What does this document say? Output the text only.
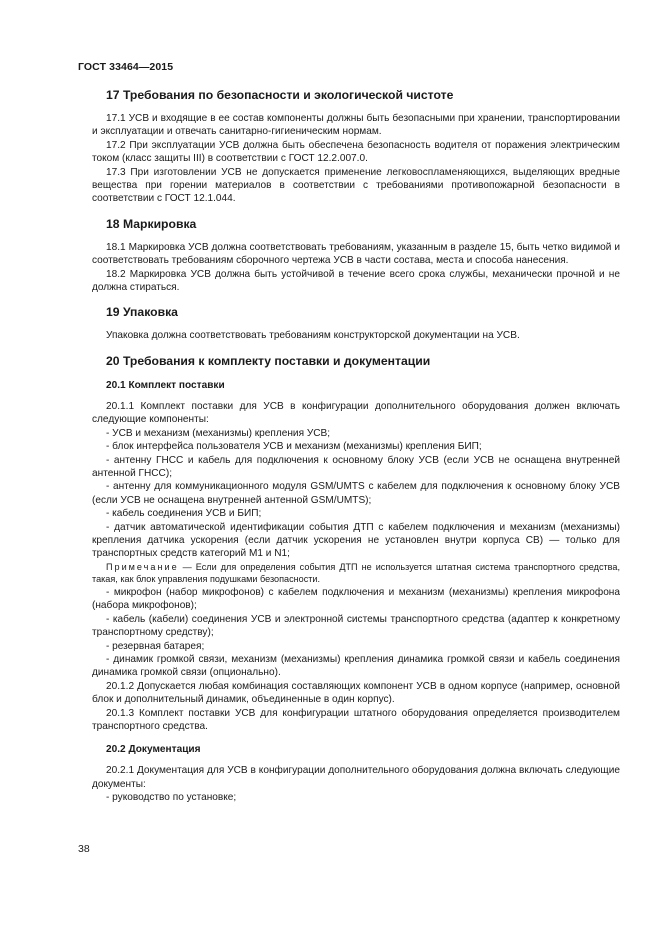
ГОСТ 33464—2015
17 Требования по безопасности и экологической чистоте

17.1 УСВ и входящие в ее состав компоненты должны быть безопасными при хранении, транспортировании и эксплуатации и отвечать санитарно-гигиеническим нормам.

17.2 При эксплуатации УСВ должна быть обеспечена безопасность водителя от поражения электрическим током (класс защиты III) в соответствии с ГОСТ 12.2.007.0.

17.3 При изготовлении УСВ не допускается применение легковоспламеняющихся, выделяющих вредные вещества при горении материалов в соответствии с требованиями противопожарной безопасности в соответствии с ГОСТ 12.1.044.

18 Маркировка

18.1 Маркировка УСВ должна соответствовать требованиям, указанным в разделе 15, быть четко видимой и соответствовать требованиям сборочного чертежа УСВ в части состава, места и способа нанесения.

18.2 Маркировка УСВ должна быть устойчивой в течение всего срока службы, механически прочной и не должна стираться.

19 Упаковка

Упаковка должна соответствовать требованиям конструкторской документации на УСВ.

20 Требования к комплекту поставки и документации
20.1 Комплект поставки

20.1.1 Комплект поставки для УСВ в конфигурации дополнительного оборудования должен включать следующие компоненты:

- УСВ и механизм (механизмы) крепления УСВ;

- блок интерфейса пользователя УСВ и механизм (механизмы) крепления БИП;

- антенну ГНСС и кабель для подключения к основному блоку УСВ (если УСВ не оснащена внутренней антенной ГНСС);

- антенну для коммуникационного модуля GSM/UMTS с кабелем для подключения к основному блоку УСВ (если УСВ не оснащена внутренней антенной GSM/UMTS);

- кабель соединения УСВ и БИП;

- датчик автоматической идентификации события ДТП с кабелем подключения и механизм (механизмы) крепления датчика ускорения (если датчик ускорения не установлен внутри корпуса СВ) — только для транспортных средств категорий М1 и N1;

Примечание — Если для определения события ДТП не используется штатная система транспортного средства, такая, как блок управления подушками безопасности.

- микрофон (набор микрофонов) с кабелем подключения и механизм (механизмы) крепления микрофона (набора микрофонов);

- кабель (кабели) соединения УСВ и электронной системы транспортного средства (адаптер к конкретному транспортному средству);

- резервная батарея;

- динамик громкой связи, механизм (механизмы) крепления динамика громкой связи и кабель соединения динамика громкой связи (опционально).

20.1.2 Допускается любая комбинация составляющих компонент УСВ в одном корпусе (например, основной блок и дополнительный динамик, объединенные в один корпус).

20.1.3 Комплект поставки УСВ для конфигурации штатного оборудования определяется производителем транспортного средства.

20.2 Документация

20.2.1 Документация для УСВ в конфигурации дополнительного оборудования должна включать следующие документы:

- руководство по установке;

38
